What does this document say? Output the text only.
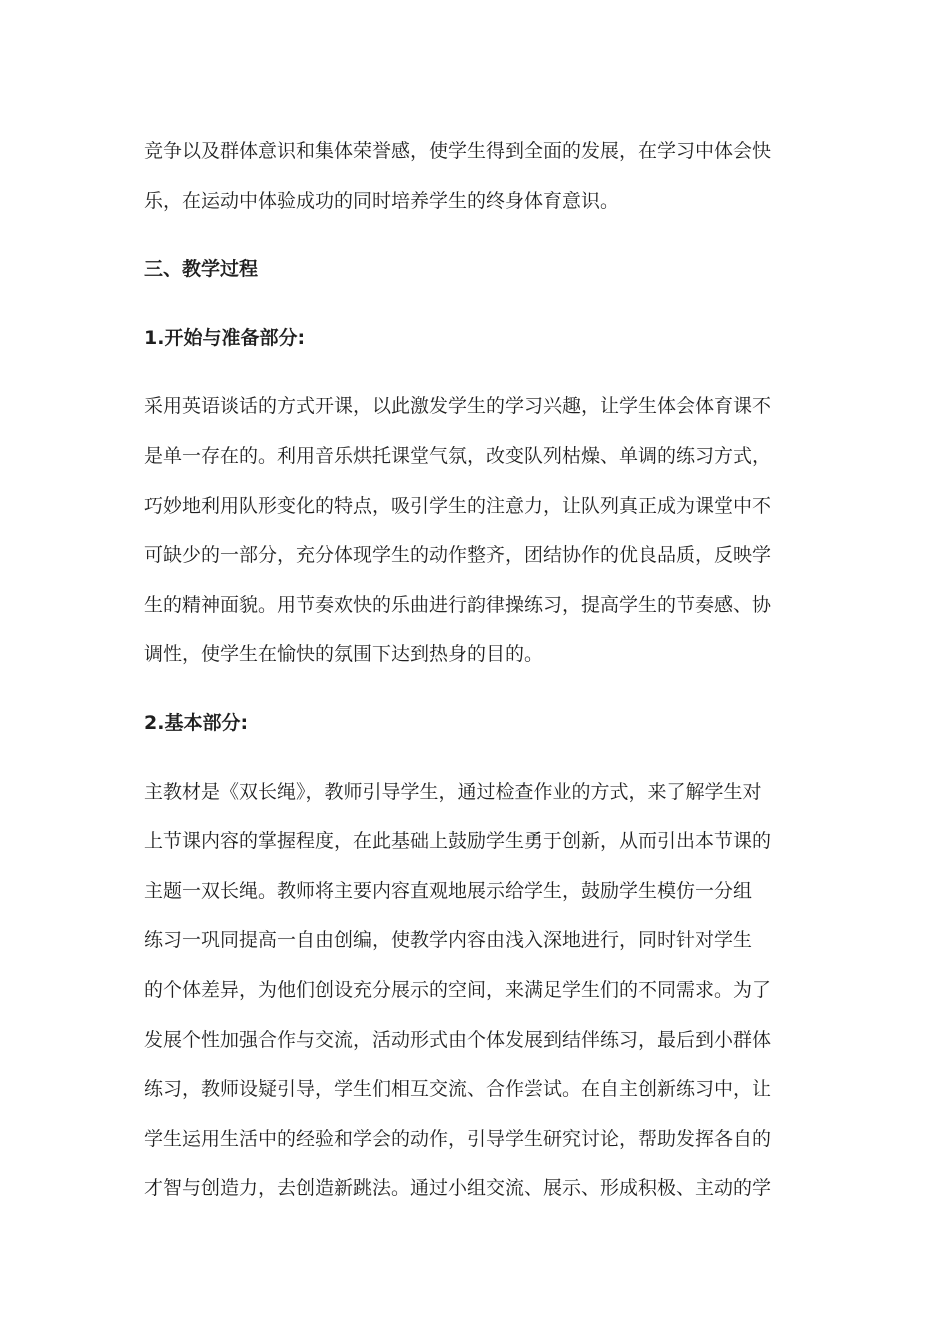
竞争以及群体意识和集体荣誉感，使学生得到全面的发展，在学习中体会快
乐，在运动中体验成功的同时培养学生的终身体育意识。
三、教学过程
1.开始与准备部分:
采用英语谈话的方式开课，以此激发学生的学习兴趣，让学生体会体育课不
是单一存在的。利用音乐烘托课堂气氛，改变队列枯燥、单调的练习方式，
巧妙地利用队形变化的特点，吸引学生的注意力，让队列真正成为课堂中不
可缺少的一部分，充分体现学生的动作整齐，团结协作的优良品质，反映学
生的精神面貌。用节奏欢快的乐曲进行韵律操练习，提高学生的节奏感、协
调性，使学生在愉快的氛围下达到热身的目的。
2.基本部分:
主教材是《双长绳》，教师引导学生，通过检查作业的方式，来了解学生对
上节课内容的掌握程度，在此基础上鼓励学生勇于创新，从而引出本节课的
主题一双长绳。教师将主要内容直观地展示给学生，鼓励学生模仿一分组
练习一巩同提高一自由创编，使教学内容由浅入深地进行，同时针对学生
的个体差异，为他们创设充分展示的空间，来满足学生们的不同需求。为了
发展个性加强合作与交流，活动形式由个体发展到结伴练习，最后到小群体
练习，教师设疑引导，学生们相互交流、合作尝试。在自主创新练习中，让
学生运用生活中的经验和学会的动作，引导学生研究讨论，帮助发挥各自的
才智与创造力，去创造新跳法。通过小组交流、展示、形成积极、主动的学
